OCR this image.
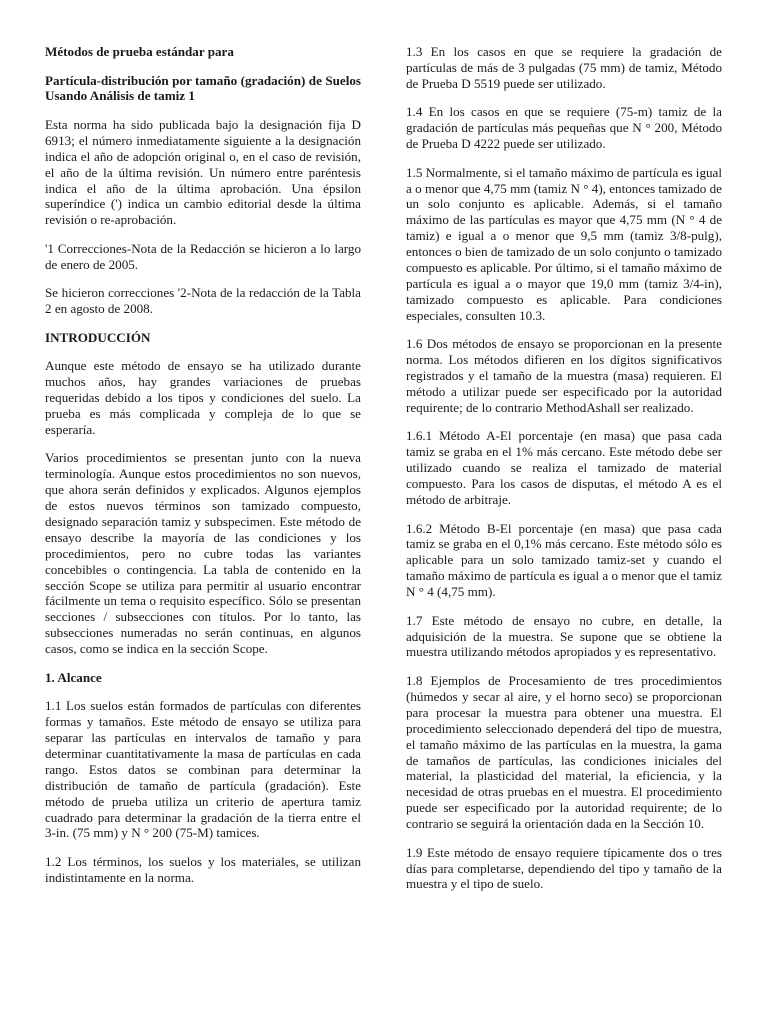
Métodos de prueba estándar para

Partícula-distribución por tamaño (gradación) de Suelos Usando Análisis de tamiz 1

Esta norma ha sido publicada bajo la designación fija D 6913; el número inmediatamente siguiente a la designación indica el año de adopción original o, en el caso de revisión, el año de la última revisión. Un número entre paréntesis indica el año de la última aprobación. Una épsilon superíndice (') indica un cambio editorial desde la última revisión o re-aprobación.

'1 Correcciones-Nota de la Redacción se hicieron a lo largo de enero de 2005.

Se hicieron correcciones '2-Nota de la redacción de la Tabla 2 en agosto de 2008.

INTRODUCCIÓN

Aunque este método de ensayo se ha utilizado durante muchos años, hay grandes variaciones de pruebas requeridas debido a los tipos y condiciones del suelo. La prueba es más complicada y compleja de lo que se esperaría.

Varios procedimientos se presentan junto con la nueva terminología. Aunque estos procedimientos no son nuevos, que ahora serán definidos y explicados. Algunos ejemplos de estos nuevos términos son tamizado compuesto, designado separación tamiz y subspecimen. Este método de ensayo describe la mayoría de las condiciones y los procedimientos, pero no cubre todas las variantes concebibles o contingencia. La tabla de contenido en la sección Scope se utiliza para permitir al usuario encontrar fácilmente un tema o requisito específico. Sólo se presentan secciones / subsecciones con títulos. Por lo tanto, las subsecciones numeradas no serán continuas, en algunos casos, como se indica en la sección Scope.

1. Alcance

1.1 Los suelos están formados de partículas con diferentes formas y tamaños. Este método de ensayo se utiliza para separar las partículas en intervalos de tamaño y para determinar cuantitativamente la masa de partículas en cada rango. Estos datos se combinan para determinar la distribución de tamaño de partícula (gradación). Este método de prueba utiliza un criterio de apertura tamiz cuadrado para determinar la gradación de la tierra entre el 3-in. (75 mm) y N ° 200 (75-M) tamices.

1.2 Los términos, los suelos y los materiales, se utilizan indistintamente en la norma.

1.3 En los casos en que se requiere la gradación de partículas de más de 3 pulgadas (75 mm) de tamiz, Método de Prueba D 5519 puede ser utilizado.

1.4 En los casos en que se requiere (75-m) tamiz de la gradación de partículas más pequeñas que N ° 200, Método de Prueba D 4222 puede ser utilizado.

1.5 Normalmente, si el tamaño máximo de partícula es igual a o menor que 4,75 mm (tamiz N ° 4), entonces tamizado de un solo conjunto es aplicable. Además, si el tamaño máximo de las partículas es mayor que 4,75 mm (N ° 4 de tamiz) e igual a o menor que 9,5 mm (tamiz 3/8-pulg), entonces o bien de tamizado de un solo conjunto o tamizado compuesto es aplicable. Por último, si el tamaño máximo de partícula es igual a o mayor que 19,0 mm (tamiz 3/4-in), tamizado compuesto es aplicable. Para condiciones especiales, consulten 10.3.

1.6 Dos métodos de ensayo se proporcionan en la presente norma. Los métodos difieren en los dígitos significativos registrados y el tamaño de la muestra (masa) requieren. El método a utilizar puede ser especificado por la autoridad requirente; de lo contrario MethodAshall ser realizado.

1.6.1 Método A-El porcentaje (en masa) que pasa cada tamiz se graba en el 1% más cercano. Este método debe ser utilizado cuando se realiza el tamizado de material compuesto. Para los casos de disputas, el método A es el método de arbitraje.

1.6.2 Método B-El porcentaje (en masa) que pasa cada tamiz se graba en el 0,1% más cercano. Este método sólo es aplicable para un solo tamizado tamiz-set y cuando el tamaño máximo de partícula es igual a o menor que el tamiz N ° 4 (4,75 mm).

1.7 Este método de ensayo no cubre, en detalle, la adquisición de la muestra. Se supone que se obtiene la muestra utilizando métodos apropiados y es representativo.

1.8 Ejemplos de Procesamiento de tres procedimientos (húmedos y secar al aire, y el horno seco) se proporcionan para procesar la muestra para obtener una muestra. El procedimiento seleccionado dependerá del tipo de muestra, el tamaño máximo de las partículas en la muestra, la gama de tamaños de partículas, las condiciones iniciales del material, la plasticidad del material, la eficiencia, y la necesidad de otras pruebas en el muestra. El procedimiento puede ser especificado por la autoridad requirente; de lo contrario se seguirá la orientación dada en la Sección 10.

1.9 Este método de ensayo requiere típicamente dos o tres días para completarse, dependiendo del tipo y tamaño de la muestra y el tipo de suelo.
